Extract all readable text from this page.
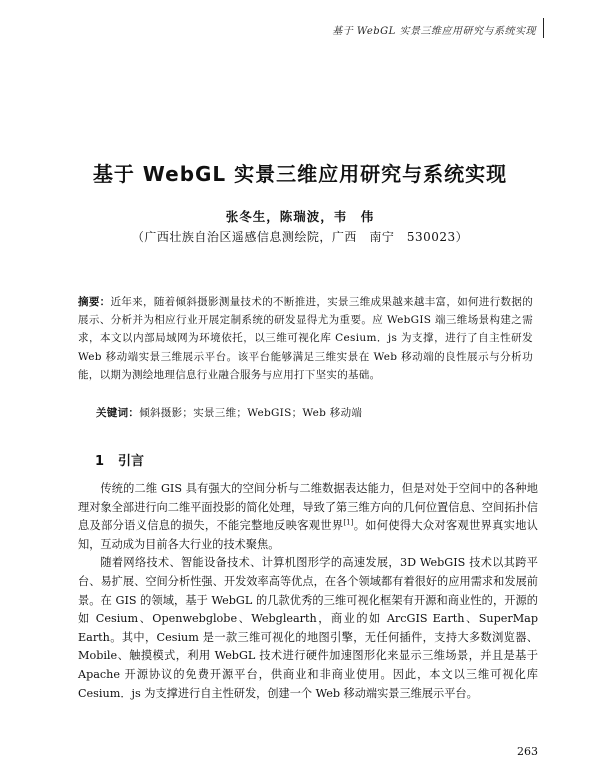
基于 WebGL 实景三维应用研究与系统实现
基于 WebGL 实景三维应用研究与系统实现
张冬生，陈瑞波，韦　伟
（广西壮族自治区遥感信息测绘院，广西　南宁　530023）
摘要：近年来，随着倾斜摄影测量技术的不断推进，实景三维成果越来越丰富，如何进行数据的展示、分析并为相应行业开展定制系统的研发显得尤为重要。应 WebGIS 端三维场景构建之需求，本文以内部局域网为环境依托，以三维可视化库 Cesium．js 为支撑，进行了自主性研发 Web 移动端实景三维展示平台。该平台能够满足三维实景在 Web 移动端的良性展示与分析功能，以期为测绘地理信息行业融合服务与应用打下坚实的基础。
关键词：倾斜摄影；实景三维；WebGIS；Web 移动端
1 引言

传统的二维 GIS 具有强大的空间分析与二维数据表达能力，但是对处于空间中的各种地理对象全部进行向二维平面投影的简化处理，导致了第三维方向的几何位置信息、空间拓扑信息及部分语义信息的损失，不能完整地反映客观世界[1]。如何使得大众对客观世界真实地认知，互动成为目前各大行业的技术聚焦。

随着网络技术、智能设备技术、计算机图形学的高速发展，3D WebGIS 技术以其跨平台、易扩展、空间分析性强、开发效率高等优点，在各个领域都有着很好的应用需求和发展前景。在 GIS 的领域，基于 WebGL 的几款优秀的三维可视化框架有开源和商业性的，开源的如 Cesium、Openwebglobe、Webglearth，商业的如 ArcGIS Earth、SuperMap Earth。其中，Cesium 是一款三维可视化的地图引擎，无任何插件，支持大多数浏览器、Mobile、触摸模式，利用 WebGL 技术进行硬件加速图形化来显示三维场景，并且是基于 Apache 开源协议的免费开源平台，供商业和非商业使用。因此，本文以三维可视化库 Cesium．js 为支撑进行自主性研发，创建一个 Web 移动端实景三维展示平台。

263
